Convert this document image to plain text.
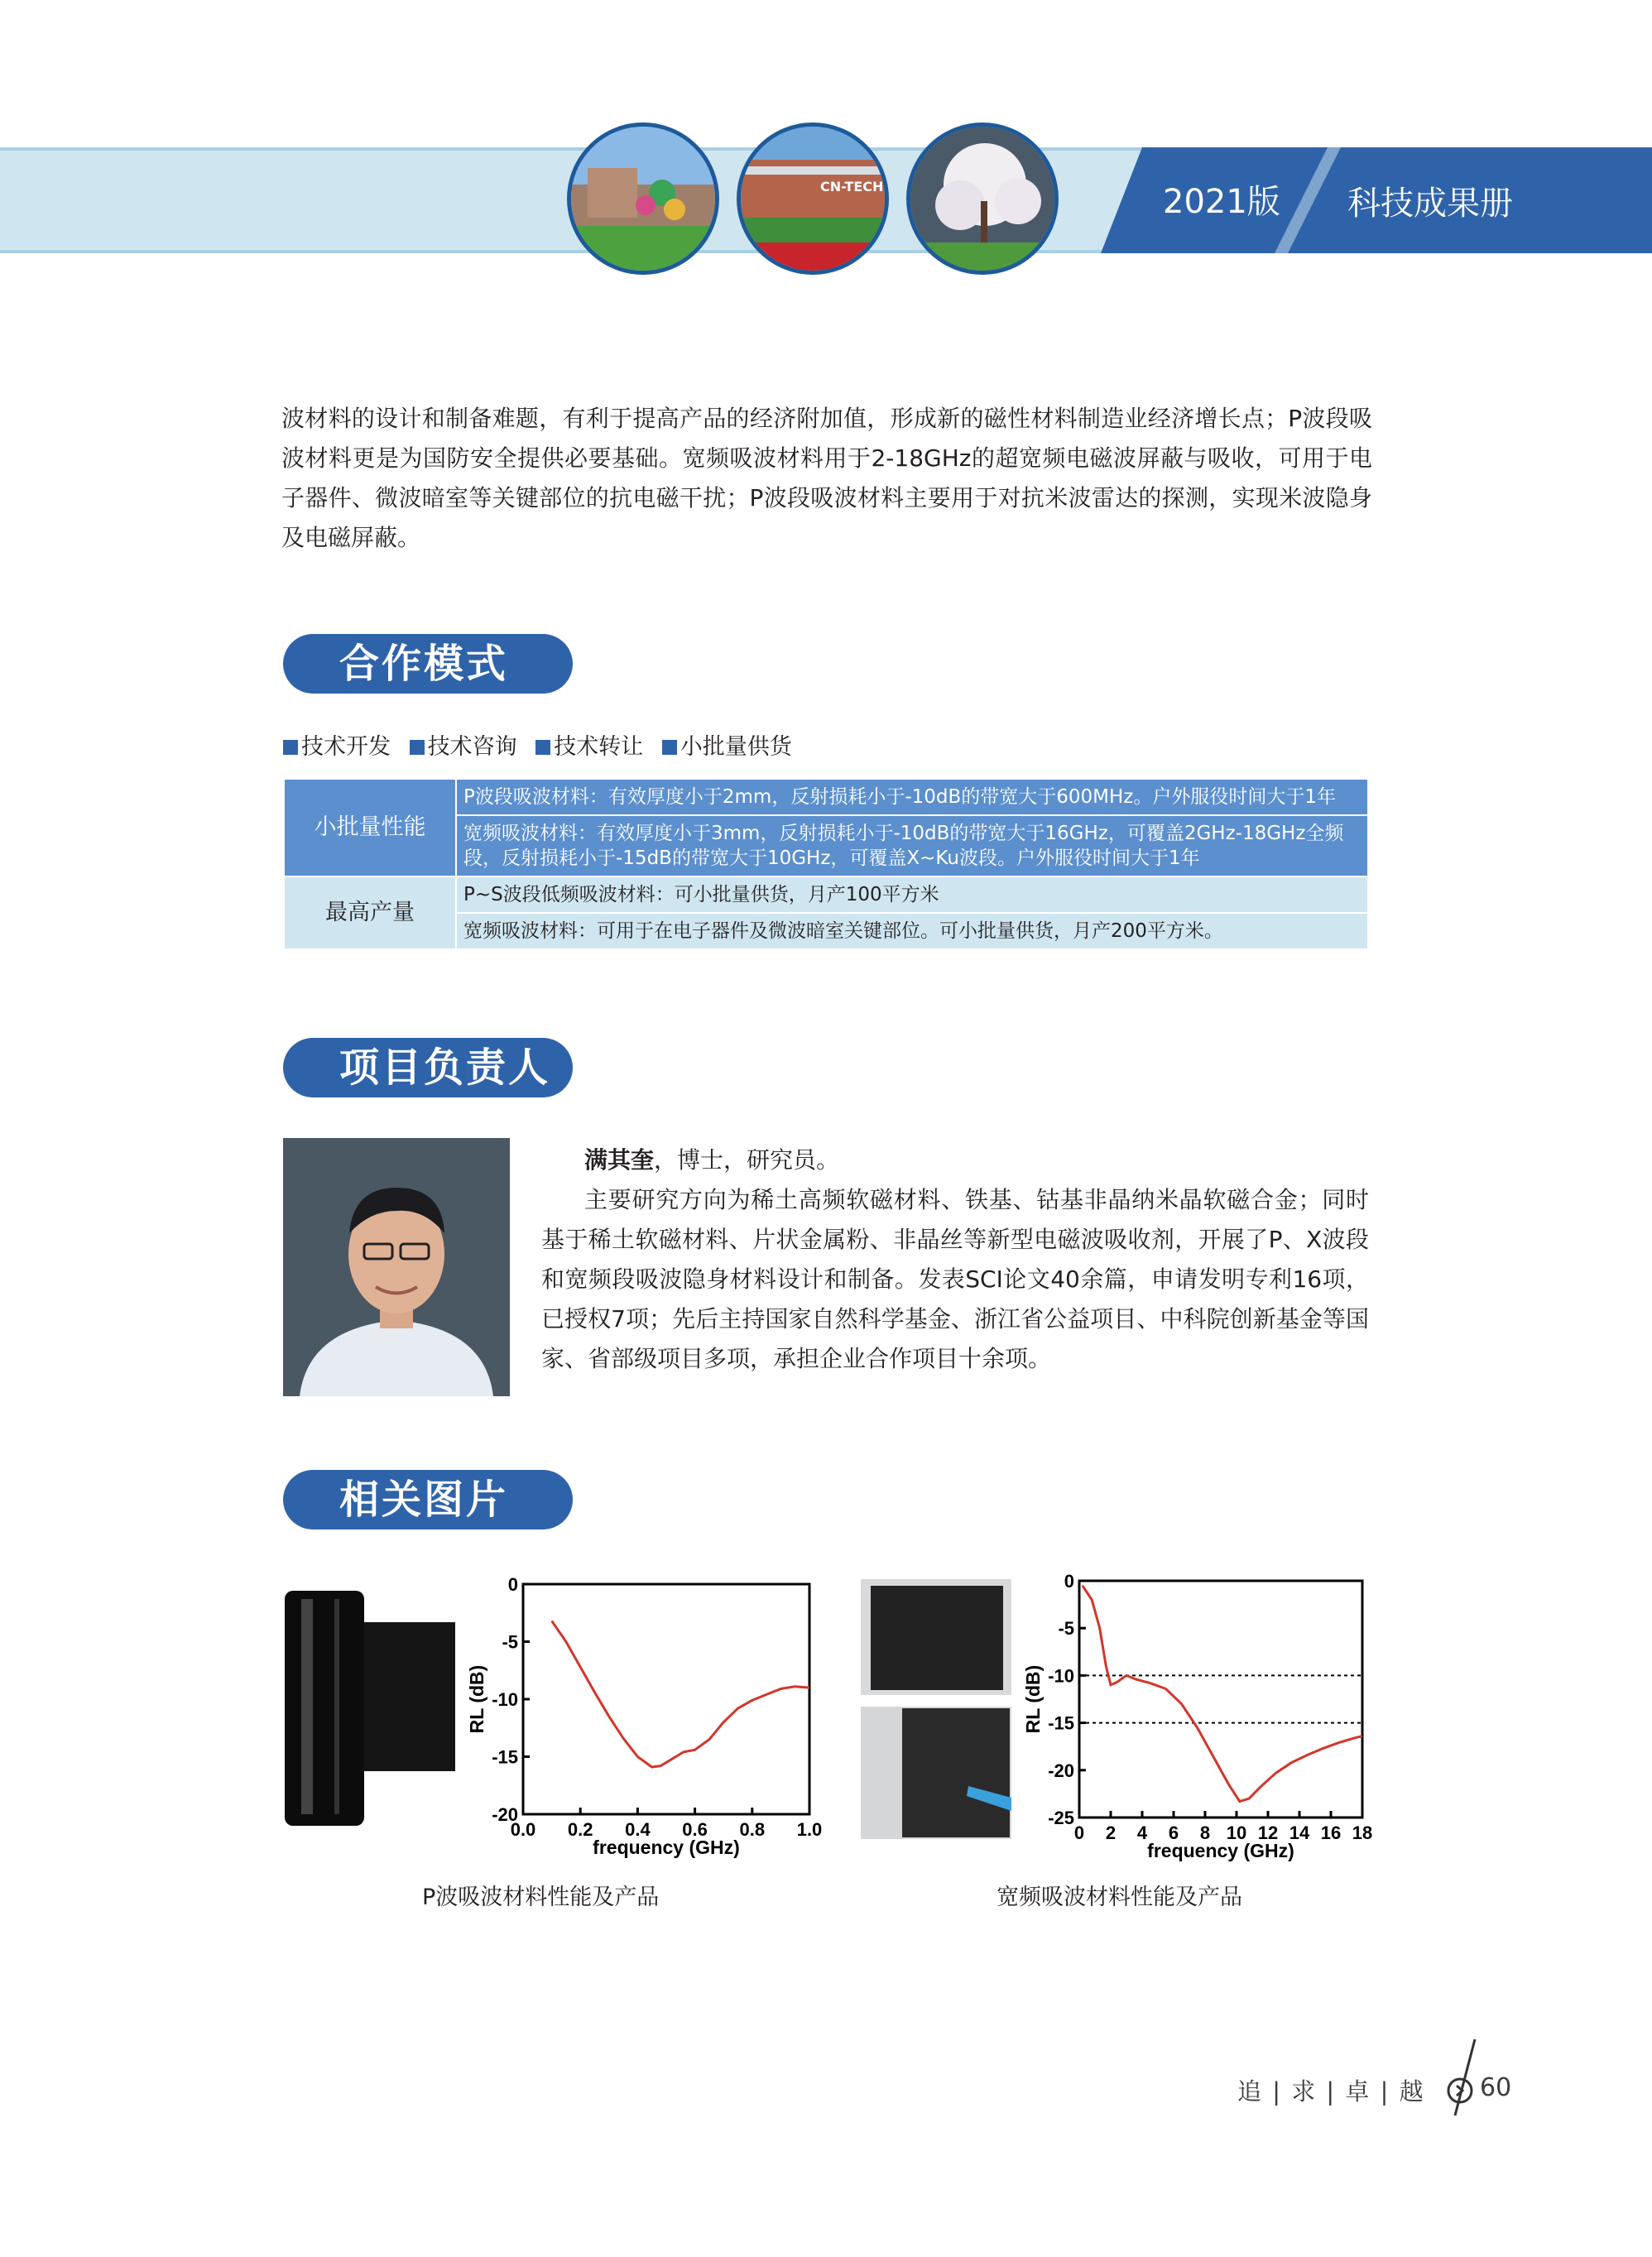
CN-TECH	2021版 科技成果册
波材料的设计和制备难题，有利于提高产品的经济附加值，形成新的磁性材料制造业经济增长点；P波段吸波材料更是为国防安全提供必要基础。宽频吸波材料用于2-18GHz的超宽频电磁波屏蔽与吸收，可用于电子器件、微波暗室等关键部位的抗电磁干扰；P波段吸波材料主要用于对抗米波雷达的探测，实现米波隐身及电磁屏蔽。
合作模式
技术开发 技术咨询 技术转让 小批量供货
小批量性能	P波段吸波材料：有效厚度小于2mm，反射损耗小于-10dB的带宽大于600MHz。户外服役时间大于1年
	宽频吸波材料：有效厚度小于3mm，反射损耗小于-10dB的带宽大于16GHz，可覆盖2GHz-18GHz全频段，反射损耗小于-15dB的带宽大于10GHz，可覆盖X~Ku波段。户外服役时间大于1年
最高产量	P~S波段低频吸波材料：可小批量供货，月产100平方米
	宽频吸波材料：可用于在电子器件及微波暗室关键部位。可小批量供货，月产200平方米。
项目负责人

满其奎，博士，研究员。

主要研究方向为稀土高频软磁材料、铁基、钴基非晶纳米晶软磁合金；同时基于稀土软磁材料、片状金属粉、非晶丝等新型电磁波吸收剂，开展了P、X波段和宽频段吸波隐身材料设计和制备。发表SCI论文40余篇，申请发明专利16项，已授权7项；先后主持国家自然科学基金、浙江省公益项目、中科院创新基金等国家、省部级项目多项，承担企业合作项目十余项。

相关图片
0.0 0.2 0.4 0.6 0.8 1.0
0
-5
-10
-15
-20
frequency (GHz)
RL (dB)
0 2 4 6 8 10 12 14 16 18
0
-5
-10
-15
-20
-25
frequency (GHz)
RL (dB)
P波吸波材料性能及产品	宽频吸波材料性能及产品
追 | 求 | 卓 | 越 60
